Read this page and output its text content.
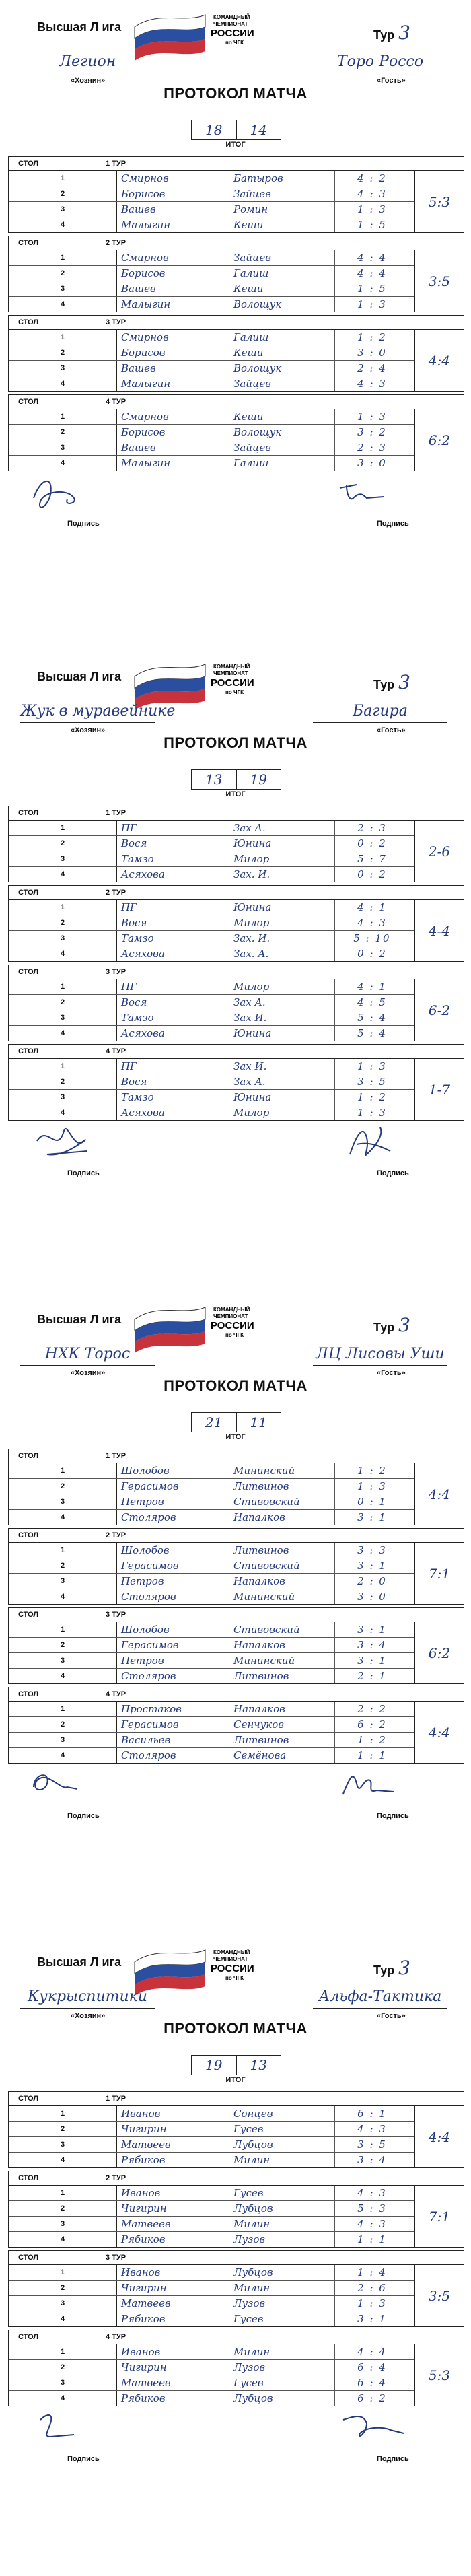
Высшая Л ига
КОМАНДНЫЙ
ЧЕМПИОНАТ
РОССИИ
по ЧГК
Тур 3
Легион	Торо Россо
«Хозяин»	«Гость»
ПРОТОКОЛ МАТЧА
18	14
ИТОГ
СТОЛ	1 ТУР
1	Смирнов	Батыров	4 : 2
2	Борисов	Зайцев	4 : 3
3	Вашев	Ромин	1 : 3
4	Малыгин	Кеши	1 : 5
5:3
СТОЛ	2 ТУР
1	Смирнов	Зайцев	4 : 4
2	Борисов	Галиш	4 : 4
3	Вашев	Кеши	1 : 5
4	Малыгин	Волощук	1 : 3
3:5
СТОЛ	3 ТУР
1	Смирнов	Галиш	1 : 2
2	Борисов	Кеши	3 : 0
3	Вашев	Волощук	2 : 4
4	Малыгин	Зайцев	4 : 3
4:4
СТОЛ	4 ТУР
1	Смирнов	Кеши	1 : 3
2	Борисов	Волощук	3 : 2
3	Вашев	Зайцев	2 : 3
4	Малыгин	Галиш	3 : 0
6:2
Подпись	Подпись
Высшая Л ига
КОМАНДНЫЙ
ЧЕМПИОНАТ
РОССИИ
по ЧГК
Тур 3
Жук в муравейнике	Багира
«Хозяин»	«Гость»
ПРОТОКОЛ МАТЧА
13	19
ИТОГ
СТОЛ	1 ТУР
1	ПГ	Зах А.	2 : 3
2	Вося	Юнина	0 : 2
3	Тамзо	Милор	5 : 7
4	Асяхова	Зах. И.	0 : 2
2-6
СТОЛ	2 ТУР
1	ПГ	Юнина	4 : 1
2	Вося	Милор	4 : 3
3	Тамзо	Зах. И.	5 : 10
4	Асяхова	Зах. А.	0 : 2
4-4
СТОЛ	3 ТУР
1	ПГ	Милор	4 : 1
2	Вося	Зах А.	4 : 5
3	Тамзо	Зах И.	5 : 4
4	Асяхова	Юнина	5 : 4
6-2
СТОЛ	4 ТУР
1	ПГ	Зах И.	1 : 3
2	Вося	Зах А.	3 : 5
3	Тамзо	Юнина	1 : 2
4	Асяхова	Милор	1 : 3
1-7
Подпись	Подпись
Высшая Л ига
КОМАНДНЫЙ
ЧЕМПИОНАТ
РОССИИ
по ЧГК
Тур 3
НХК Торос	ЛЦ Лисовы Уши
«Хозяин»	«Гость»
ПРОТОКОЛ МАТЧА
21	11
ИТОГ
СТОЛ	1 ТУР
1	Шолобов	Мининский	1 : 2
2	Герасимов	Литвинов	1 : 3
3	Петров	Стивовский	0 : 1
4	Столяров	Напалков	3 : 1
4:4
СТОЛ	2 ТУР
1	Шолобов	Литвинов	3 : 3
2	Герасимов	Стивовский	3 : 1
3	Петров	Напалков	2 : 0
4	Столяров	Мининский	3 : 0
7:1
СТОЛ	3 ТУР
1	Шолобов	Стивовский	3 : 1
2	Герасимов	Напалков	3 : 4
3	Петров	Мининский	3 : 1
4	Столяров	Литвинов	2 : 1
6:2
СТОЛ	4 ТУР
1	Простаков	Напалков	2 : 2
2	Герасимов	Сенчуков	6 : 2
3	Васильев	Литвинов	1 : 2
4	Столяров	Семёнова	1 : 1
4:4
Подпись	Подпись
Высшая Л ига
КОМАНДНЫЙ
ЧЕМПИОНАТ
РОССИИ
по ЧГК
Тур 3
Кукрыспитики	Альфа-Тактика
«Хозяин»	«Гость»
ПРОТОКОЛ МАТЧА
19	13
ИТОГ
СТОЛ	1 ТУР
1	Иванов	Сонцев	6 : 1
2	Чигирин	Гусев	4 : 3
3	Матвеев	Лубцов	3 : 5
4	Рябиков	Милин	3 : 4
4:4
СТОЛ	2 ТУР
1	Иванов	Гусев	4 : 3
2	Чигирин	Лубцов	5 : 3
3	Матвеев	Милин	4 : 3
4	Рябиков	Лузов	1 : 1
7:1
СТОЛ	3 ТУР
1	Иванов	Лубцов	1 : 4
2	Чигирин	Милин	2 : 6
3	Матвеев	Лузов	1 : 3
4	Рябиков	Гусев	3 : 1
3:5
СТОЛ	4 ТУР
1	Иванов	Милин	4 : 4
2	Чигирин	Лузов	6 : 4
3	Матвеев	Гусев	6 : 4
4	Рябиков	Лубцов	6 : 2
5:3
Подпись	Подпись
